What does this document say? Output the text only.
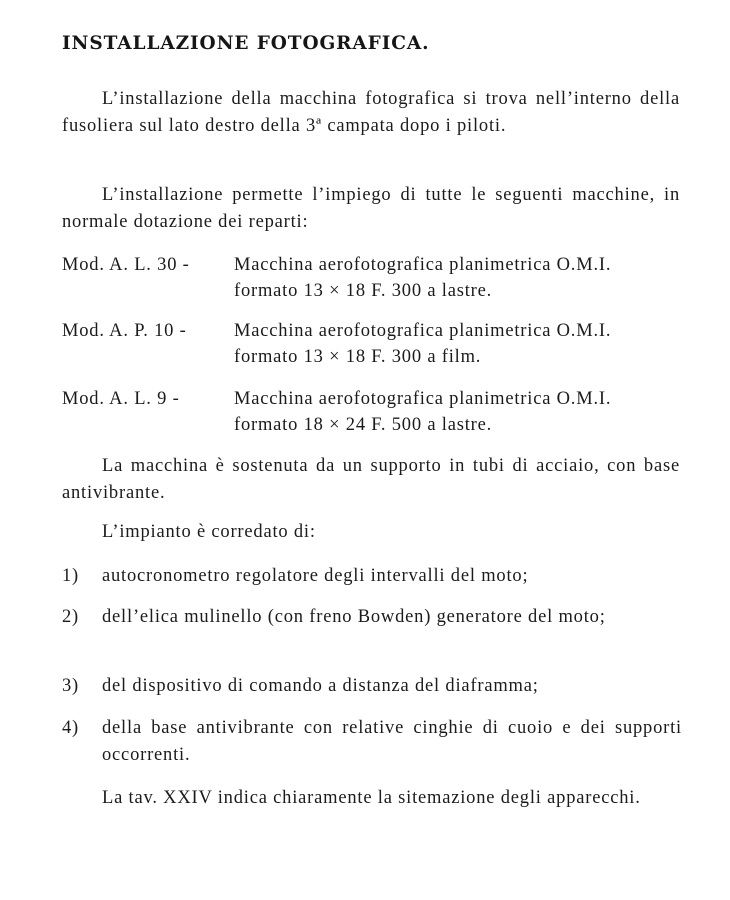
INSTALLAZIONE FOTOGRAFICA.
L’installazione della macchina fotografica si trova nell’interno della fusoliera sul lato destro della 3ª campata dopo i piloti.
L’installazione permette l’impiego di tutte le seguenti macchine, in normale dotazione dei reparti:
Mod. A. L. 30 - Macchina aerofotografica planimetrica O.M.I.
formato 13 × 18 F. 300 a lastre.
Mod. A. P. 10 -	Macchina aerofotografica planimetrica O.M.I.
formato 13 × 18 F. 300 a film.
Mod. A. L. 9 -	Macchina aerofotografica planimetrica O.M.I.
formato 18 × 24 F. 500 a lastre.
La macchina è sostenuta da un supporto in tubi di acciaio, con base antivibrante.
L’impianto è corredato di:
1) autocronometro regolatore degli intervalli del moto;
2) dell’elica mulinello (con freno Bowden) generatore del moto;
3) del dispositivo di comando a distanza del diaframma;
4) della base antivibrante con relative cinghie di cuoio e dei supporti occorrenti.
La tav. XXIV indica chiaramente la sitemazione degli apparecchi.
